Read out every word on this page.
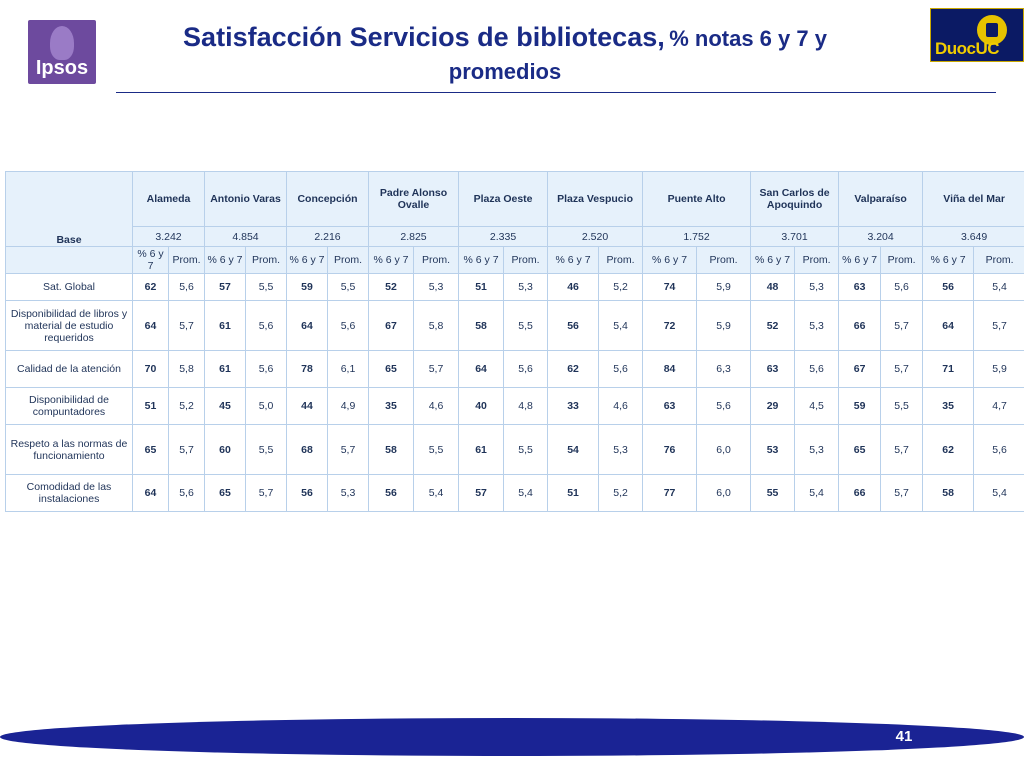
Ipsos
DuocUC
Satisfacción Servicios de bibliotecas, % notas 6 y 7 y promedios
Base	Alameda		Antonio Varas		Concepción		Padre Alonso Ovalle		Plaza Oeste		Plaza Vespucio		Puente Alto		San Carlos de Apoquindo		Valparaíso		Viña del Mar	
	3.242		4.854		2.216		2.825		2.335		2.520		1.752		3.701		3.204		3.649	
	% 6 y 7	Prom.	% 6 y 7	Prom.	% 6 y 7	Prom.	% 6 y 7	Prom.	% 6 y 7	Prom.	% 6 y 7	Prom.	% 6 y 7	Prom.	% 6 y 7	Prom.	% 6 y 7	Prom.	% 6 y 7	Prom.
Sat. Global	62	5,6	57	5,5	59	5,5	52	5,3	51	5,3	46	5,2	74	5,9	48	5,3	63	5,6	56	5,4
Disponibilidad de libros y material de estudio requeridos	64	5,7	61	5,6	64	5,6	67	5,8	58	5,5	56	5,4	72	5,9	52	5,3	66	5,7	64	5,7
Calidad de la atención	70	5,8	61	5,6	78	6,1	65	5,7	64	5,6	62	5,6	84	6,3	63	5,6	67	5,7	71	5,9
Disponibilidad de compuntadores	51	5,2	45	5,0	44	4,9	35	4,6	40	4,8	33	4,6	63	5,6	29	4,5	59	5,5	35	4,7
Respeto a las normas de funcionamiento	65	5,7	60	5,5	68	5,7	58	5,5	61	5,5	54	5,3	76	6,0	53	5,3	65	5,7	62	5,6
Comodidad de las instalaciones	64	5,6	65	5,7	56	5,3	56	5,4	57	5,4	51	5,2	77	6,0	55	5,4	66	5,7	58	5,4
41
